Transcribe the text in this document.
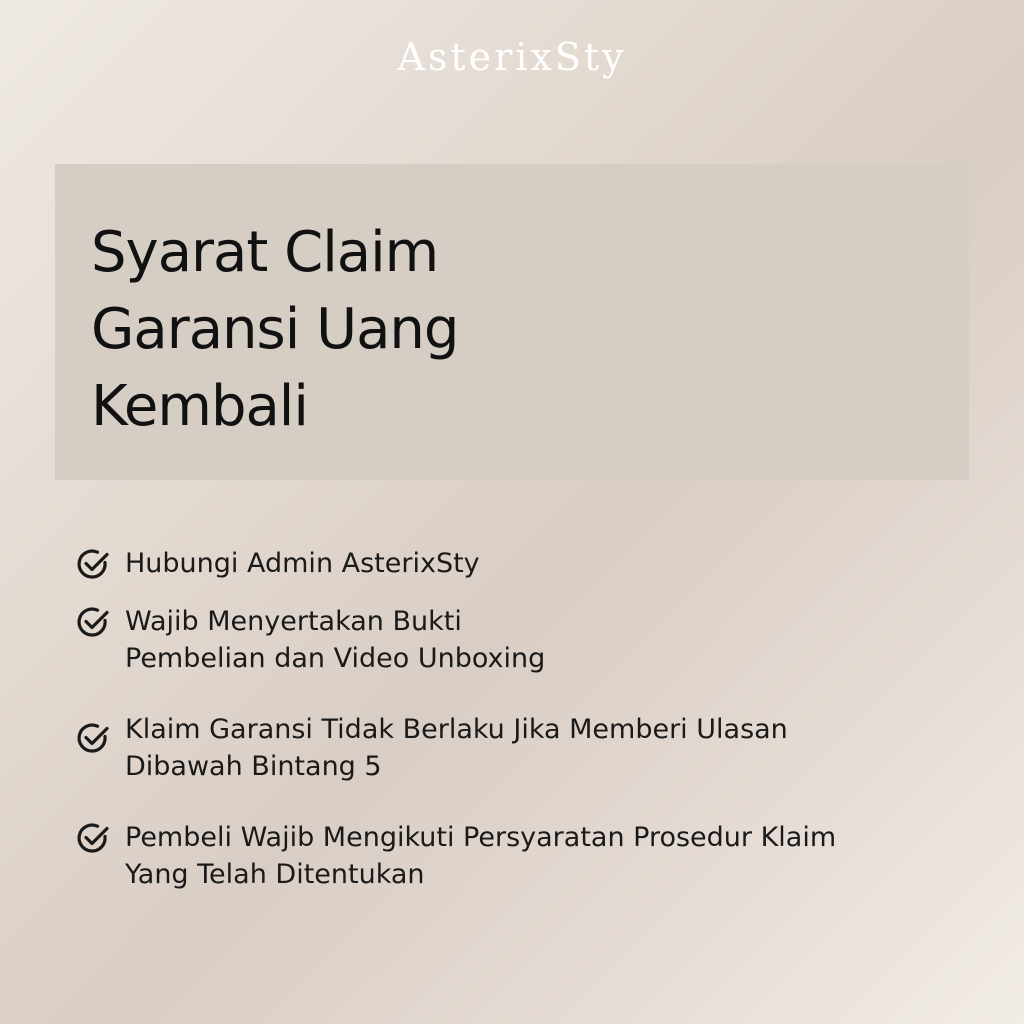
AsterixSty
Syarat Claim
Garansi Uang
Kembali
Hubungi Admin AsterixSty
Wajib Menyertakan Bukti
Pembelian dan Video Unboxing
Klaim Garansi Tidak Berlaku Jika Memberi Ulasan
Dibawah Bintang 5
Pembeli Wajib Mengikuti Persyaratan Prosedur Klaim
Yang Telah Ditentukan
